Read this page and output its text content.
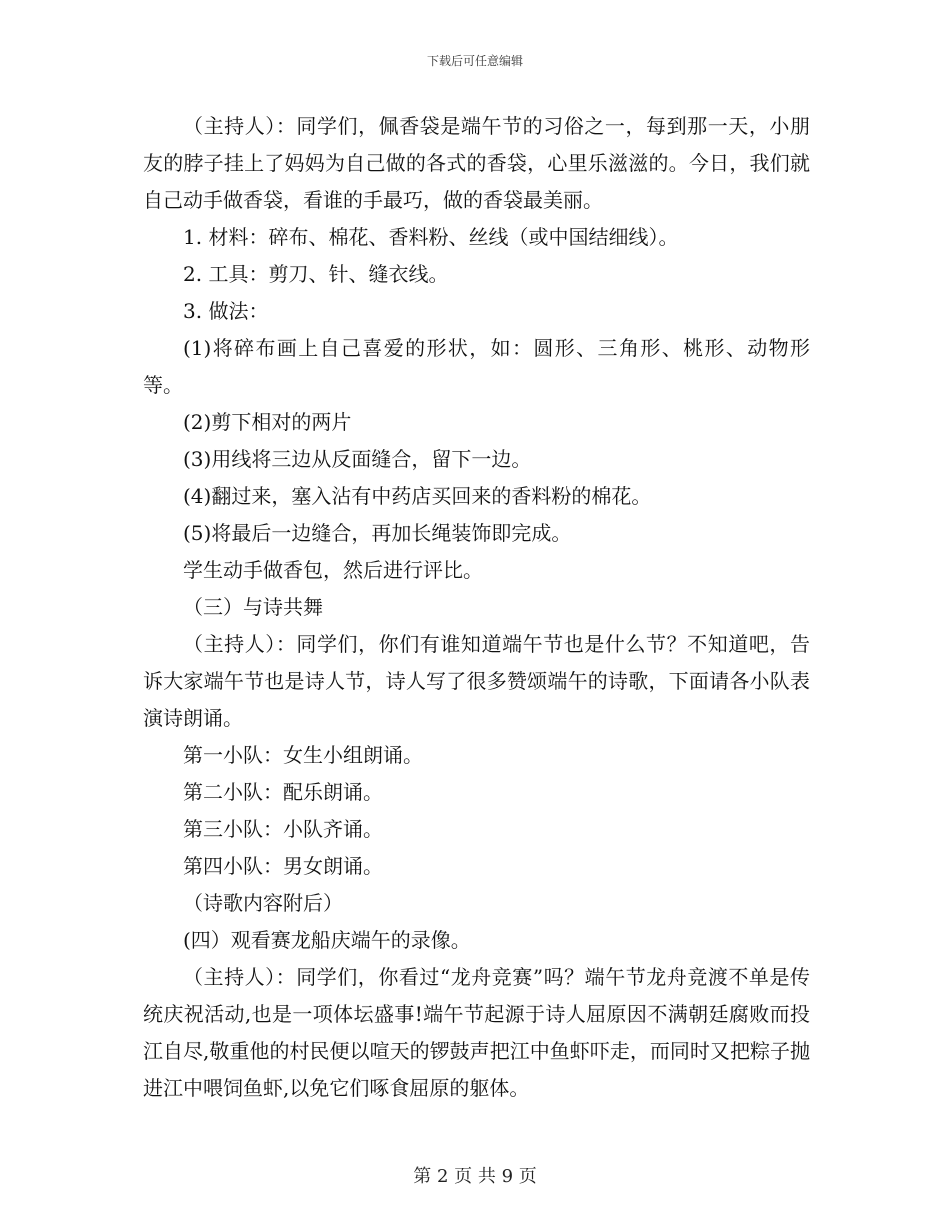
下载后可任意编辑

（主持人）：同学们，佩香袋是端午节的习俗之一，每到那一天，小朋友的脖子挂上了妈妈为自己做的各式的香袋，心里乐滋滋的。今日，我们就自己动手做香袋，看谁的手最巧，做的香袋最美丽。

1. 材料：碎布、棉花、香料粉、丝线（或中国结细线）。

2. 工具：剪刀、针、缝衣线。

3. 做法：

(1)将碎布画上自己喜爱的形状，如：圆形、三角形、桃形、动物形等。

(2)剪下相对的两片

(3)用线将三边从反面缝合，留下一边。

(4)翻过来，塞入沾有中药店买回来的香料粉的棉花。

(5)将最后一边缝合，再加长绳装饰即完成。

学生动手做香包，然后进行评比。

（三）与诗共舞

（主持人）：同学们，你们有谁知道端午节也是什么节？不知道吧，告诉大家端午节也是诗人节，诗人写了很多赞颂端午的诗歌，下面请各小队表演诗朗诵。

第一小队：女生小组朗诵。

第二小队：配乐朗诵。

第三小队：小队齐诵。

第四小队：男女朗诵。

（诗歌内容附后）

(四）观看赛龙船庆端午的录像。

（主持人）：同学们，你看过“龙舟竞赛”吗？端午节龙舟竞渡不单是传统庆祝活动,也是一项体坛盛事!端午节起源于诗人屈原因不满朝廷腐败而投江自尽,敬重他的村民便以喧天的锣鼓声把江中鱼虾吓走，而同时又把粽子抛进江中喂饲鱼虾,以免它们啄食屈原的躯体。

第 2 页 共 9 页
